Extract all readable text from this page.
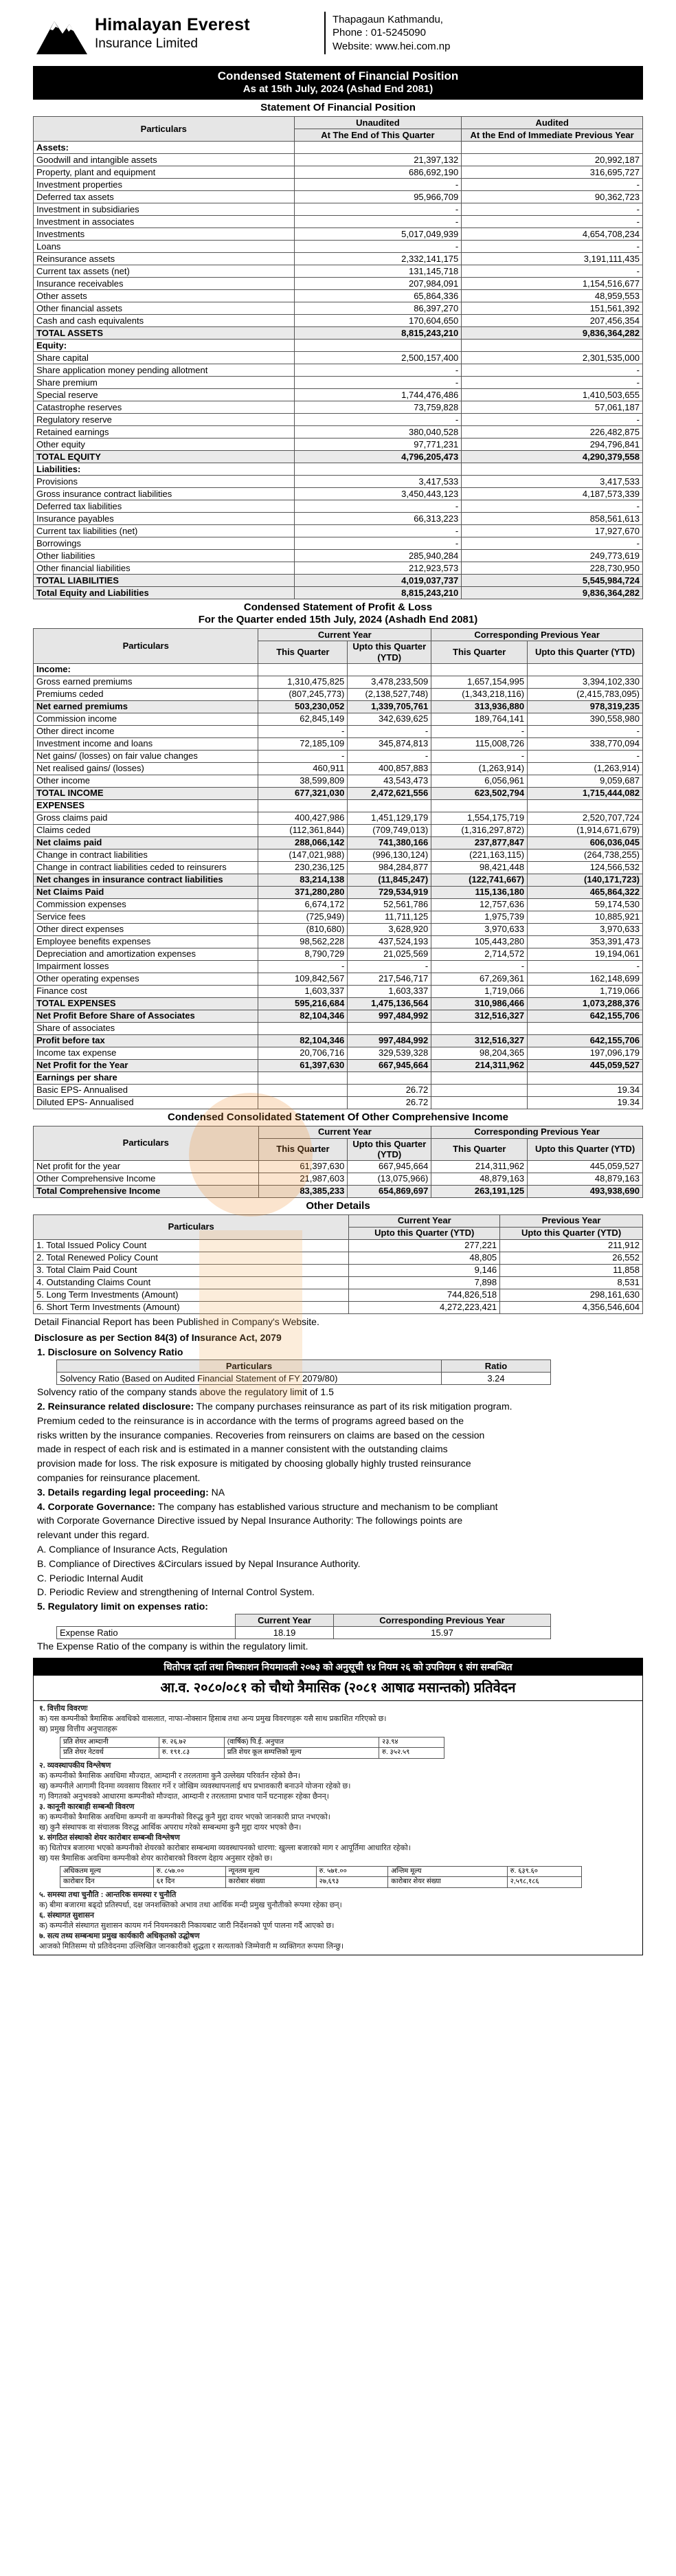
Himalayan Everest
Insurance Limited
Thapagaun Kathmandu,
Phone : 01-5245090
Website: www.hei.com.np
Condensed Statement of Financial Position
As at 15th July, 2024 (Ashad End 2081)
Statement Of Financial Position
Particulars	Unaudited	Audited
	At The End of This Quarter	At the End of Immediate Previous Year
Assets:		
Goodwill and intangible assets	21,397,132	20,992,187
Property, plant and equipment	686,692,190	316,695,727
Investment properties	-	-
Deferred tax assets	95,966,709	90,362,723
Investment in subsidiaries	-	-
Investment in associates	-	-
Investments	5,017,049,939	4,654,708,234
Loans	-	-
Reinsurance assets	2,332,141,175	3,191,111,435
Current tax assets (net)	131,145,718	-
Insurance receivables	207,984,091	1,154,516,677
Other assets	65,864,336	48,959,553
Other financial assets	86,397,270	151,561,392
Cash and cash equivalents	170,604,650	207,456,354
TOTAL ASSETS	8,815,243,210	9,836,364,282
Equity:		
Share capital	2,500,157,400	2,301,535,000
Share application money pending allotment	-	-
Share premium	-	-
Special reserve	1,744,476,486	1,410,503,655
Catastrophe reserves	73,759,828	57,061,187
Regulatory reserve	-	-
Retained earnings	380,040,528	226,482,875
Other equity	97,771,231	294,796,841
TOTAL EQUITY	4,796,205,473	4,290,379,558
Liabilities:		
Provisions	3,417,533	3,417,533
Gross insurance contract liabilities	3,450,443,123	4,187,573,339
Deferred tax liabilities	-	-
Insurance payables	66,313,223	858,561,613
Current tax liabilities (net)	-	17,927,670
Borrowings	-	-
Other liabilities	285,940,284	249,773,619
Other financial liabilities	212,923,573	228,730,950
TOTAL LIABILITIES	4,019,037,737	5,545,984,724
Total Equity and Liabilities	8,815,243,210	9,836,364,282
Condensed Statement of Profit & Loss
For the Quarter ended 15th July, 2024 (Ashadh End 2081)
Particulars	Current Year		Corresponding Previous Year	
	This Quarter	Upto this Quarter (YTD)	This Quarter	Upto this Quarter (YTD)
Income:				
Gross earned premiums	1,310,475,825	3,478,233,509	1,657,154,995	3,394,102,330
Premiums ceded	(807,245,773)	(2,138,527,748)	(1,343,218,116)	(2,415,783,095)
Net earned premiums	503,230,052	1,339,705,761	313,936,880	978,319,235
Commission income	62,845,149	342,639,625	189,764,141	390,558,980
Other direct income	-	-	-	-
Investment income and loans	72,185,109	345,874,813	115,008,726	338,770,094
Net gains/ (losses) on fair value changes	-	-	-	-
Net realised gains/ (losses)	460,911	400,857,883	(1,263,914)	(1,263,914)
Other income	38,599,809	43,543,473	6,056,961	9,059,687
TOTAL INCOME	677,321,030	2,472,621,556	623,502,794	1,715,444,082
EXPENSES				
Gross claims paid	400,427,986	1,451,129,179	1,554,175,719	2,520,707,724
Claims ceded	(112,361,844)	(709,749,013)	(1,316,297,872)	(1,914,671,679)
Net claims paid	288,066,142	741,380,166	237,877,847	606,036,045
Change in contract liabilities	(147,021,988)	(996,130,124)	(221,163,115)	(264,738,255)
Change in contract liabilities ceded to reinsurers	230,236,125	984,284,877	98,421,448	124,566,532
Net changes in insurance contract liabilities	83,214,138	(11,845,247)	(122,741,667)	(140,171,723)
Net Claims Paid	371,280,280	729,534,919	115,136,180	465,864,322
Commission expenses	6,674,172	52,561,786	12,757,636	59,174,530
Service fees	(725,949)	11,711,125	1,975,739	10,885,921
Other direct expenses	(810,680)	3,628,920	3,970,633	3,970,633
Employee benefits expenses	98,562,228	437,524,193	105,443,280	353,391,473
Depreciation and amortization expenses	8,790,729	21,025,569	2,714,572	19,194,061
Impairment losses	-	-	-	-
Other operating expenses	109,842,567	217,546,717	67,269,361	162,148,699
Finance cost	1,603,337	1,603,337	1,719,066	1,719,066
TOTAL EXPENSES	595,216,684	1,475,136,564	310,986,466	1,073,288,376
Net Profit Before Share of Associates	82,104,346	997,484,992	312,516,327	642,155,706
Share of associates				
Profit before tax	82,104,346	997,484,992	312,516,327	642,155,706
Income tax expense	20,706,716	329,539,328	98,204,365	197,096,179
Net Profit for the Year	61,397,630	667,945,664	214,311,962	445,059,527
Earnings per share				
Basic EPS- Annualised		26.72		19.34
Diluted EPS- Annualised		26.72		19.34
Condensed Consolidated Statement Of Other Comprehensive Income
Particulars	Current Year		Corresponding Previous Year	
	This Quarter	Upto this Quarter (YTD)	This Quarter	Upto this Quarter (YTD)
Net profit for the year	61,397,630	667,945,664	214,311,962	445,059,527
Other Comprehensive Income	21,987,603	(13,075,966)	48,879,163	48,879,163
Total Comprehensive Income	83,385,233	654,869,697	263,191,125	493,938,690
Other Details
Particulars	Current Year	Previous Year
	Upto this Quarter (YTD)	Upto this Quarter (YTD)
1. Total Issued Policy Count	277,221	211,912
2. Total Renewed Policy Count	48,805	26,552
3. Total Claim Paid Count	9,146	11,858
4. Outstanding Claims Count	7,898	8,531
5. Long Term Investments (Amount)	744,826,518	298,161,630
6. Short Term Investments (Amount)	4,272,223,421	4,356,546,604
Detail Financial Report has been Published in Company's Website.
Disclosure as per Section 84(3) of Insurance Act, 2079
1. Disclosure on Solvency Ratio
Particulars	Ratio
Solvency Ratio (Based on Audited Financial Statement of FY 2079/80)	3.24
Solvency ratio of the company stands above the regulatory limit of 1.5
2. Reinsurance related disclosure: The company purchases reinsurance as part of its risk mitigation program.
Premium ceded to the reinsurance is in accordance with the terms of programs agreed based on the
risks written by the insurance companies. Recoveries from reinsurers on claims are based on the cession
made in respect of each risk and is estimated in a manner consistent with the outstanding claims
provision made for loss. The risk exposure is mitigated by choosing globally highly trusted reinsurance
companies for reinsurance placement.
3. Details regarding legal proceeding: NA
4. Corporate Governance: The company has established various structure and mechanism to be compliant
with Corporate Governance Directive issued by Nepal Insurance Authority: The followings points are
relevant under this regard.
A. Compliance of Insurance Acts, Regulation
B. Compliance of Directives &Circulars issued by Nepal Insurance Authority.
C. Periodic Internal Audit
D. Periodic Review and strengthening of Internal Control System.
5. Regulatory limit on expenses ratio:
	Current Year	Corresponding Previous Year
Expense Ratio	18.19	15.97
The Expense Ratio of the company is within the regulatory limit.
धितोपत्र दर्ता तथा निष्काशन नियमावली २०७३ को अनुसूची १४ नियम २६ को उपनियम १ संग सम्बन्धित
आ.व. २०८०/०८१ को चौथो त्रैमासिक (२०८१ आषाढ मसान्तको) प्रतिवेदन
१. वित्तीय विवरणः
क) यस कम्पनीको त्रैमासिक अवधिको वासलात, नाफा-नोक्सान हिसाब तथा अन्य प्रमुख विवरणहरू यसै साथ प्रकाशित गरिएको छ।
ख) प्रमुख वित्तीय अनुपातहरू
प्रति शेयर आम्दानी	रु. २६.७२	(वार्षिक) पि.ई. अनुपात	२३.९४
प्रति शेयर नेटवर्थ	रु. १९१.८३	प्रति शेयर कूल सम्पत्तिको मूल्य	रु. ३५२.५९
२. व्यवस्थापकीय विश्लेषण
क) कम्पनीको त्रैमासिक अवधिमा मौज्दात, आम्दानी र तरलतामा कुनै उल्लेख्य परिवर्तन रहेको छैन।
ख) कम्पनीले आगामी दिनमा व्यवसाय विस्तार गर्ने र जोखिम व्यवस्थापनलाई थप प्रभावकारी बनाउने योजना रहेको छ।
ग) विगतको अनुभवको आधारमा कम्पनीको मौज्दात, आम्दानी र तरलतामा प्रभाव पार्ने घटनाहरू रहेका छैनन्।
३. कानूनी कारबाही सम्बन्धी विवरण
क) कम्पनीको त्रैमासिक अवधिमा कम्पनी वा कम्पनीको विरुद्ध कुनै मुद्दा दायर भएको जानकारी प्राप्त नभएको।
ख) कुनै संस्थापक वा संचालक विरुद्ध आर्थिक अपराध गरेको सम्बन्धमा कुनै मुद्दा दायर भएको छैन।
४. संगठित संस्थाको शेयर कारोबार सम्बन्धी विश्लेषण
क) धितोपत्र बजारमा भएको कम्पनीको शेयरको कारोबार सम्बन्धमा व्यवस्थापनको धारणा: खुल्ला बजारको माग र आपूर्तिमा आधारित रहेको।
ख) यस त्रैमासिक अवधिमा कम्पनीको शेयर कारोबारको विवरण देहाय अनुसार रहेको छ।
अधिकतम मूल्य	रु. ८५७.००	न्यूनतम मूल्य	रु. ५७१.००	अन्तिम मूल्य	रु. ६३९.६०
कारोबार दिन	६१ दिन	कारोबार संख्या	२७,६९३	कारोबार शेयर संख्या	२,५९८,१८६
५. समस्या तथा चुनौति : आन्तरिक समस्या र चुनौति
क) बीमा बजारमा बढ्दो प्रतिस्पर्धा, दक्ष जनशक्तिको अभाव तथा आर्थिक मन्दी प्रमुख चुनौतीको रूपमा रहेका छन्।
६. संस्थागत सुशासन
क) कम्पनीले संस्थागत सुशासन कायम गर्न नियमनकारी निकायबाट जारी निर्देशनको पूर्ण पालना गर्दै आएको छ।
७. सत्य तथ्य सम्बन्धमा प्रमुख कार्यकारी अधिकृतको उद्घोषण
आजको मितिसम्म यो प्रतिवेदनमा उल्लिखित जानकारीको शुद्धता र सत्यताको जिम्मेवारी म व्यक्तिगत रूपमा लिन्छु।
